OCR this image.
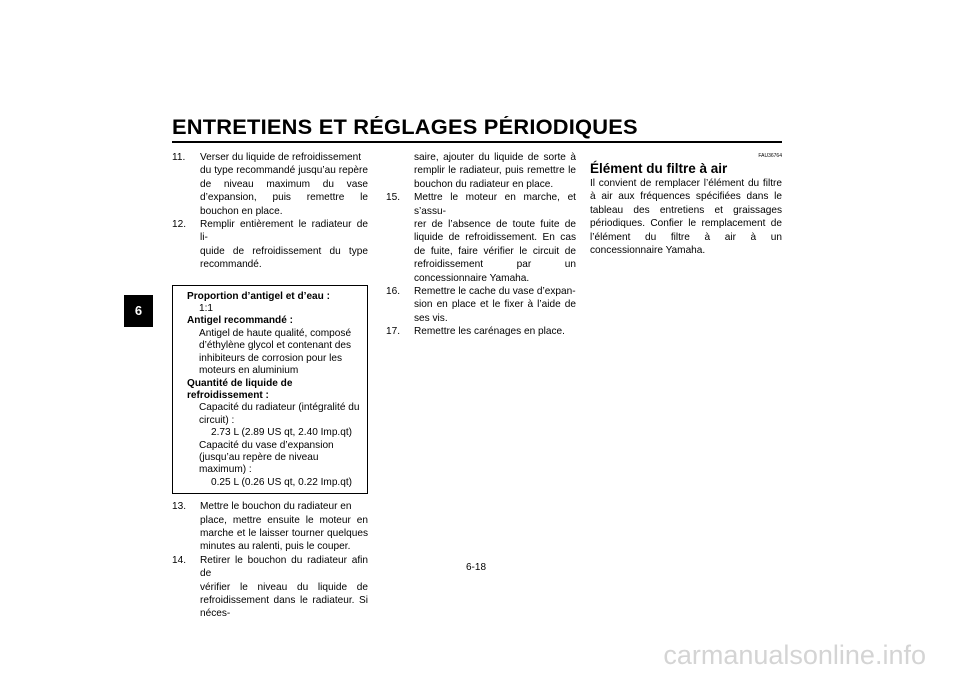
ENTRETIENS ET RÉGLAGES PÉRIODIQUES
6
11.	Verser du liquide de refroidissement
du type recommandé jusqu’au repère de niveau maximum du vase d’expansion, puis remettre le bouchon en place.
12.	Remplir entièrement le radiateur de li-
quide de refroidissement du type recommandé.
Proportion d’antigel et d’eau :
1:1
Antigel recommandé :
Antigel de haute qualité, composé d’éthylène glycol et contenant des inhibiteurs de corrosion pour les moteurs en aluminium
Quantité de liquide de refroidissement :
Capacité du radiateur (intégralité du circuit) :
2.73 L (2.89 US qt, 2.40 Imp.qt)
Capacité du vase d’expansion (jusqu’au repère de niveau maximum) :
0.25 L (0.26 US qt, 0.22 Imp.qt)
13.	Mettre le bouchon du radiateur en
place, mettre ensuite le moteur en marche et le laisser tourner quelques minutes au ralenti, puis le couper.
14.	Retirer le bouchon du radiateur afin de
vérifier le niveau du liquide de refroidissement dans le radiateur. Si néces-
saire, ajouter du liquide de sorte à remplir le radiateur, puis remettre le bouchon du radiateur en place.
15.	Mettre le moteur en marche, et s’assu-
rer de l’absence de toute fuite de liquide de refroidissement. En cas de fuite, faire vérifier le circuit de refroidissement par un concessionnaire Yamaha.
16.	Remettre le cache du vase d’expan-
sion en place et le fixer à l’aide de ses vis.
17.	Remettre les carénages en place.
FAU36764
Élément du filtre à air
Il convient de remplacer l’élément du filtre à air aux fréquences spécifiées dans le tableau des entretiens et graissages périodiques. Confier le remplacement de l’élément du filtre à air à un concessionnaire Yamaha.
6-18
carmanualsonline.info
